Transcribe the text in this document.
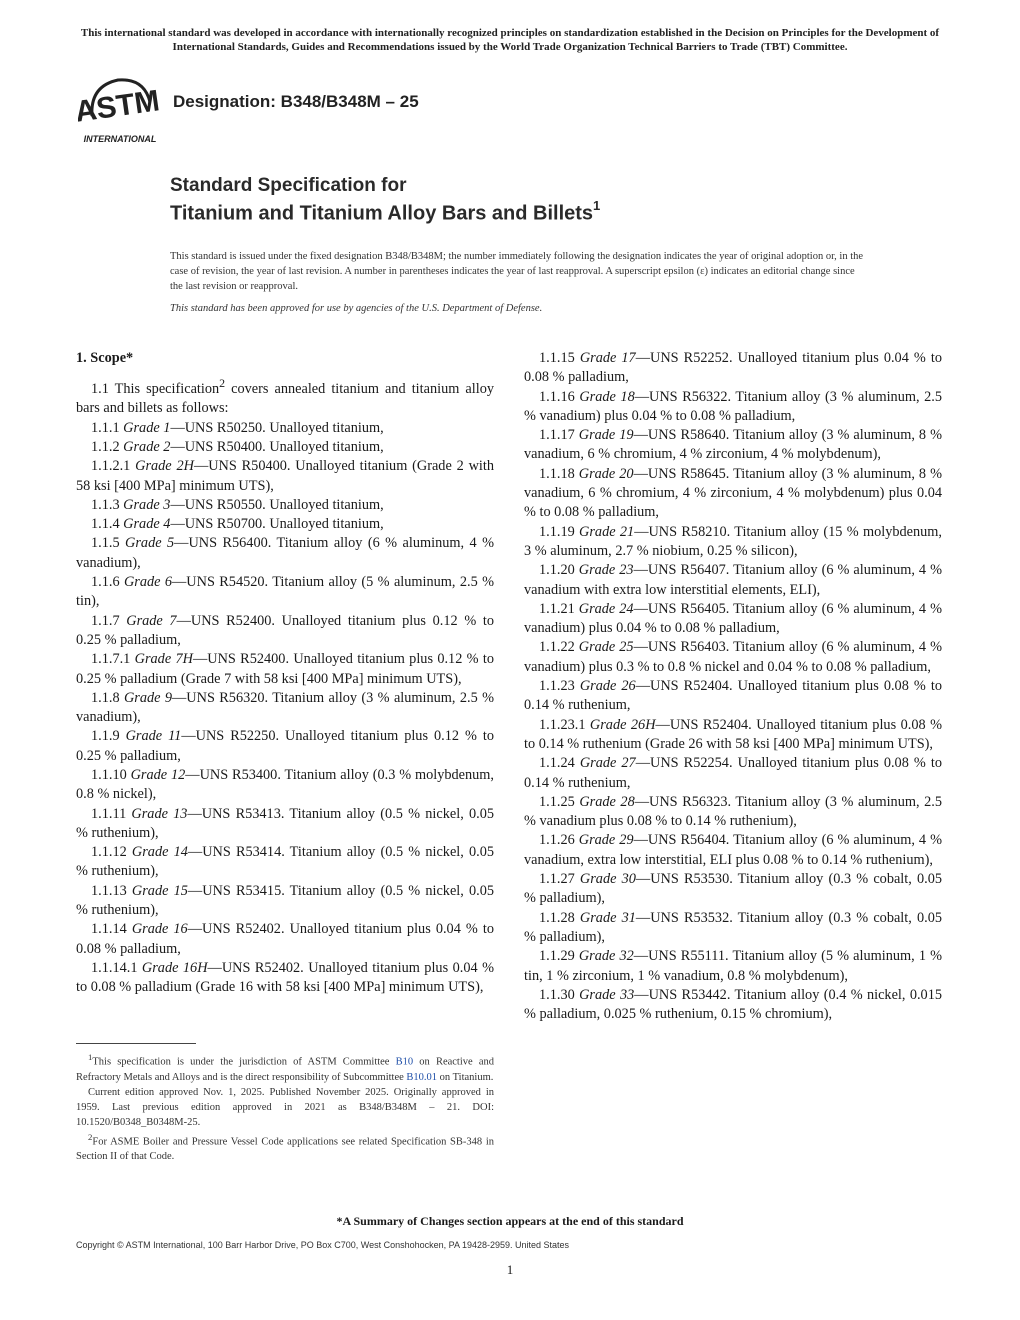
This international standard was developed in accordance with internationally recognized principles on standardization established in the Decision on Principles for the Development of International Standards, Guides and Recommendations issued by the World Trade Organization Technical Barriers to Trade (TBT) Committee.
ASTM
INTERNATIONAL
Designation: B348/B348M – 25
Standard Specification for
Titanium and Titanium Alloy Bars and Billets$^1$
This standard is issued under the fixed designation B348/B348M; the number immediately following the designation indicates the year of original adoption or, in the case of revision, the year of last revision. A number in parentheses indicates the year of last reapproval. A superscript epsilon (ε) indicates an editorial change since the last revision or reapproval.
This standard has been approved for use by agencies of the U.S. Department of Defense.

1. Scope*

1.1 This specification$^2$ covers annealed titanium and titanium alloy bars and billets as follows:

1.1.1 Grade 1—UNS R50250. Unalloyed titanium,

1.1.2 Grade 2—UNS R50400. Unalloyed titanium,

1.1.2.1 Grade 2H—UNS R50400. Unalloyed titanium (Grade 2 with 58 ksi [400 MPa] minimum UTS),

1.1.3 Grade 3—UNS R50550. Unalloyed titanium,

1.1.4 Grade 4—UNS R50700. Unalloyed titanium,

1.1.5 Grade 5—UNS R56400. Titanium alloy (6 % aluminum, 4 % vanadium),

1.1.6 Grade 6—UNS R54520. Titanium alloy (5 % aluminum, 2.5 % tin),

1.1.7 Grade 7—UNS R52400. Unalloyed titanium plus 0.12 % to 0.25 % palladium,

1.1.7.1 Grade 7H—UNS R52400. Unalloyed titanium plus 0.12 % to 0.25 % palladium (Grade 7 with 58 ksi [400 MPa] minimum UTS),

1.1.8 Grade 9—UNS R56320. Titanium alloy (3 % aluminum, 2.5 % vanadium),

1.1.9 Grade 11—UNS R52250. Unalloyed titanium plus 0.12 % to 0.25 % palladium,

1.1.10 Grade 12—UNS R53400. Titanium alloy (0.3 % molybdenum, 0.8 % nickel),

1.1.11 Grade 13—UNS R53413. Titanium alloy (0.5 % nickel, 0.05 % ruthenium),

1.1.12 Grade 14—UNS R53414. Titanium alloy (0.5 % nickel, 0.05 % ruthenium),

1.1.13 Grade 15—UNS R53415. Titanium alloy (0.5 % nickel, 0.05 % ruthenium),

1.1.14 Grade 16—UNS R52402. Unalloyed titanium plus 0.04 % to 0.08 % palladium,

1.1.14.1 Grade 16H—UNS R52402. Unalloyed titanium plus 0.04 % to 0.08 % palladium (Grade 16 with 58 ksi [400 MPa] minimum UTS),

1.1.15 Grade 17—UNS R52252. Unalloyed titanium plus 0.04 % to 0.08 % palladium,

1.1.16 Grade 18—UNS R56322. Titanium alloy (3 % aluminum, 2.5 % vanadium) plus 0.04 % to 0.08 % palladium,

1.1.17 Grade 19—UNS R58640. Titanium alloy (3 % aluminum, 8 % vanadium, 6 % chromium, 4 % zirconium, 4 % molybdenum),

1.1.18 Grade 20—UNS R58645. Titanium alloy (3 % aluminum, 8 % vanadium, 6 % chromium, 4 % zirconium, 4 % molybdenum) plus 0.04 % to 0.08 % palladium,

1.1.19 Grade 21—UNS R58210. Titanium alloy (15 % molybdenum, 3 % aluminum, 2.7 % niobium, 0.25 % silicon),

1.1.20 Grade 23—UNS R56407. Titanium alloy (6 % aluminum, 4 % vanadium with extra low interstitial elements, ELI),

1.1.21 Grade 24—UNS R56405. Titanium alloy (6 % aluminum, 4 % vanadium) plus 0.04 % to 0.08 % palladium,

1.1.22 Grade 25—UNS R56403. Titanium alloy (6 % aluminum, 4 % vanadium) plus 0.3 % to 0.8 % nickel and 0.04 % to 0.08 % palladium,

1.1.23 Grade 26—UNS R52404. Unalloyed titanium plus 0.08 % to 0.14 % ruthenium,

1.1.23.1 Grade 26H—UNS R52404. Unalloyed titanium plus 0.08 % to 0.14 % ruthenium (Grade 26 with 58 ksi [400 MPa] minimum UTS),

1.1.24 Grade 27—UNS R52254. Unalloyed titanium plus 0.08 % to 0.14 % ruthenium,

1.1.25 Grade 28—UNS R56323. Titanium alloy (3 % aluminum, 2.5 % vanadium plus 0.08 % to 0.14 % ruthenium),

1.1.26 Grade 29—UNS R56404. Titanium alloy (6 % aluminum, 4 % vanadium, extra low interstitial, ELI plus 0.08 % to 0.14 % ruthenium),

1.1.27 Grade 30—UNS R53530. Titanium alloy (0.3 % cobalt, 0.05 % palladium),

1.1.28 Grade 31—UNS R53532. Titanium alloy (0.3 % cobalt, 0.05 % palladium),

1.1.29 Grade 32—UNS R55111. Titanium alloy (5 % aluminum, 1 % tin, 1 % zirconium, 1 % vanadium, 0.8 % molybdenum),

1.1.30 Grade 33—UNS R53442. Titanium alloy (0.4 % nickel, 0.015 % palladium, 0.025 % ruthenium, 0.15 % chromium),

$^1$This specification is under the jurisdiction of ASTM Committee B10 on Reactive and Refractory Metals and Alloys and is the direct responsibility of Subcommittee B10.01 on Titanium.

Current edition approved Nov. 1, 2025. Published November 2025. Originally approved in 1959. Last previous edition approved in 2021 as B348/B348M – 21. DOI: 10.1520/B0348_B0348M-25.

$^2$For ASME Boiler and Pressure Vessel Code applications see related Specification SB-348 in Section II of that Code.

*A Summary of Changes section appears at the end of this standard
Copyright © ASTM International, 100 Barr Harbor Drive, PO Box C700, West Conshohocken, PA 19428-2959. United States
1
